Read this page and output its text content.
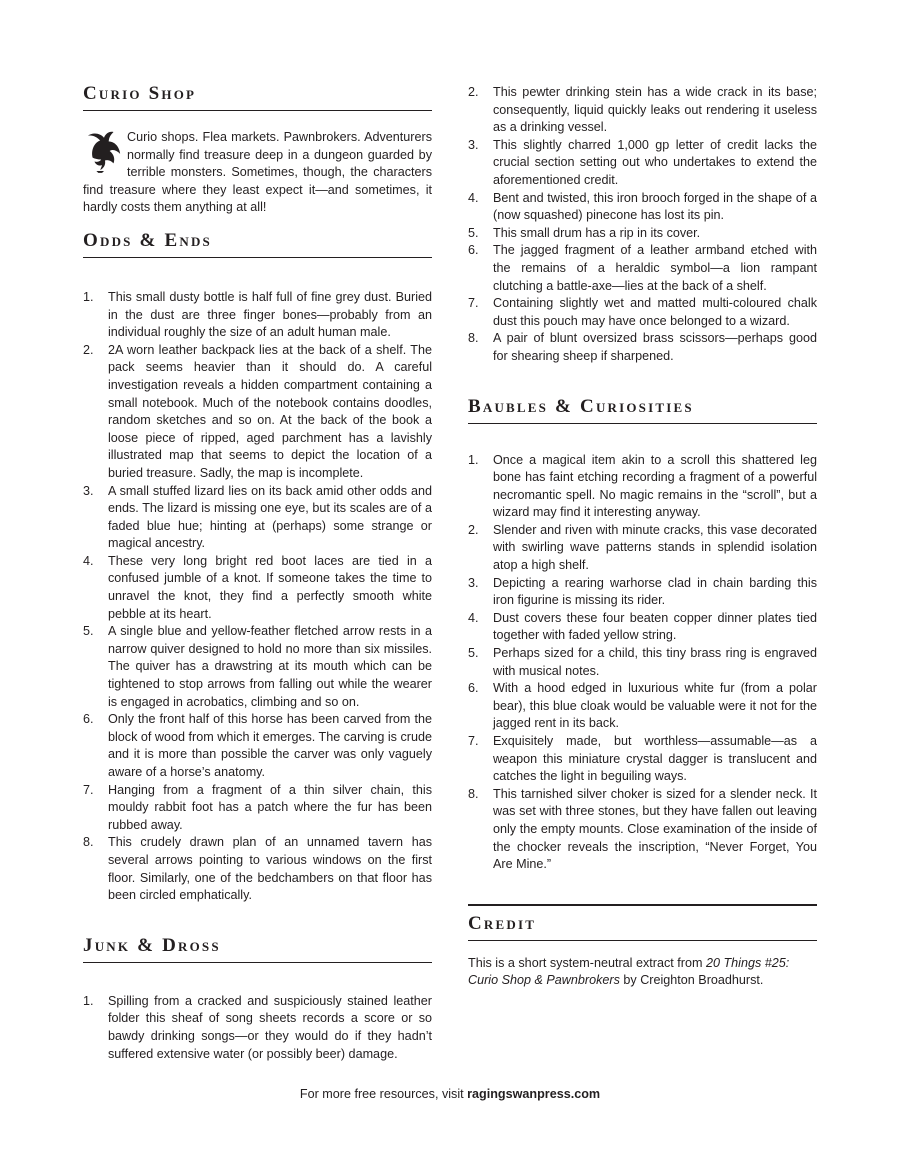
Curio Shop

Curio shops. Flea markets. Pawnbrokers. Adventurers normally find treasure deep in a dungeon guarded by terrible monsters. Sometimes, though, the characters find treasure where they least expect it—and sometimes, it hardly costs them anything at all!

Odds & Ends
1. This small dusty bottle is half full of fine grey dust. Buried in the dust are three finger bones—probably from an individual roughly the size of an adult human male.
2. 2A worn leather backpack lies at the back of a shelf. The pack seems heavier than it should do. A careful investigation reveals a hidden compartment containing a small notebook. Much of the notebook contains doodles, random sketches and so on. At the back of the book a loose piece of ripped, aged parchment has a lavishly illustrated map that seems to depict the location of a buried treasure. Sadly, the map is incomplete.
3. A small stuffed lizard lies on its back amid other odds and ends. The lizard is missing one eye, but its scales are of a faded blue hue; hinting at (perhaps) some strange or magical ancestry.
4. These very long bright red boot laces are tied in a confused jumble of a knot. If someone takes the time to unravel the knot, they find a perfectly smooth white pebble at its heart.
5. A single blue and yellow-feather fletched arrow rests in a narrow quiver designed to hold no more than six missiles. The quiver has a drawstring at its mouth which can be tightened to stop arrows from falling out while the wearer is engaged in acrobatics, climbing and so on.
6. Only the front half of this horse has been carved from the block of wood from which it emerges. The carving is crude and it is more than possible the carver was only vaguely aware of a horse’s anatomy.
7. Hanging from a fragment of a thin silver chain, this mouldy rabbit foot has a patch where the fur has been rubbed away.
8. This crudely drawn plan of an unnamed tavern has several arrows pointing to various windows on the first floor. Similarly, one of the bedchambers on that floor has been circled emphatically.
Junk & Dross
1. Spilling from a cracked and suspiciously stained leather folder this sheaf of song sheets records a score or so bawdy drinking songs—or they would do if they hadn’t suffered extensive water (or possibly beer) damage.
2. This pewter drinking stein has a wide crack in its base; consequently, liquid quickly leaks out rendering it useless as a drinking vessel.
3. This slightly charred 1,000 gp letter of credit lacks the crucial section setting out who undertakes to extend the aforementioned credit.
4. Bent and twisted, this iron brooch forged in the shape of a (now squashed) pinecone has lost its pin.
5. This small drum has a rip in its cover.
6. The jagged fragment of a leather armband etched with the remains of a heraldic symbol—a lion rampant clutching a battle-axe—lies at the back of a shelf.
7. Containing slightly wet and matted multi-coloured chalk dust this pouch may have once belonged to a wizard.
8. A pair of blunt oversized brass scissors—perhaps good for shearing sheep if sharpened.
Baubles & Curiosities
1. Once a magical item akin to a scroll this shattered leg bone has faint etching recording a fragment of a powerful necromantic spell. No magic remains in the “scroll”, but a wizard may find it interesting anyway.
2. Slender and riven with minute cracks, this vase decorated with swirling wave patterns stands in splendid isolation atop a high shelf.
3. Depicting a rearing warhorse clad in chain barding this iron figurine is missing its rider.
4. Dust covers these four beaten copper dinner plates tied together with faded yellow string.
5. Perhaps sized for a child, this tiny brass ring is engraved with musical notes.
6. With a hood edged in luxurious white fur (from a polar bear), this blue cloak would be valuable were it not for the jagged rent in its back.
7. Exquisitely made, but worthless—assumable—as a weapon this miniature crystal dagger is translucent and catches the light in beguiling ways.
8. This tarnished silver choker is sized for a slender neck. It was set with three stones, but they have fallen out leaving only the empty mounts. Close examination of the inside of the chocker reveals the inscription, “Never Forget, You Are Mine.”
Credit

This is a short system-neutral extract from 20 Things #25: Curio Shop & Pawnbrokers by Creighton Broadhurst.

For more free resources, visit ragingswanpress.com
